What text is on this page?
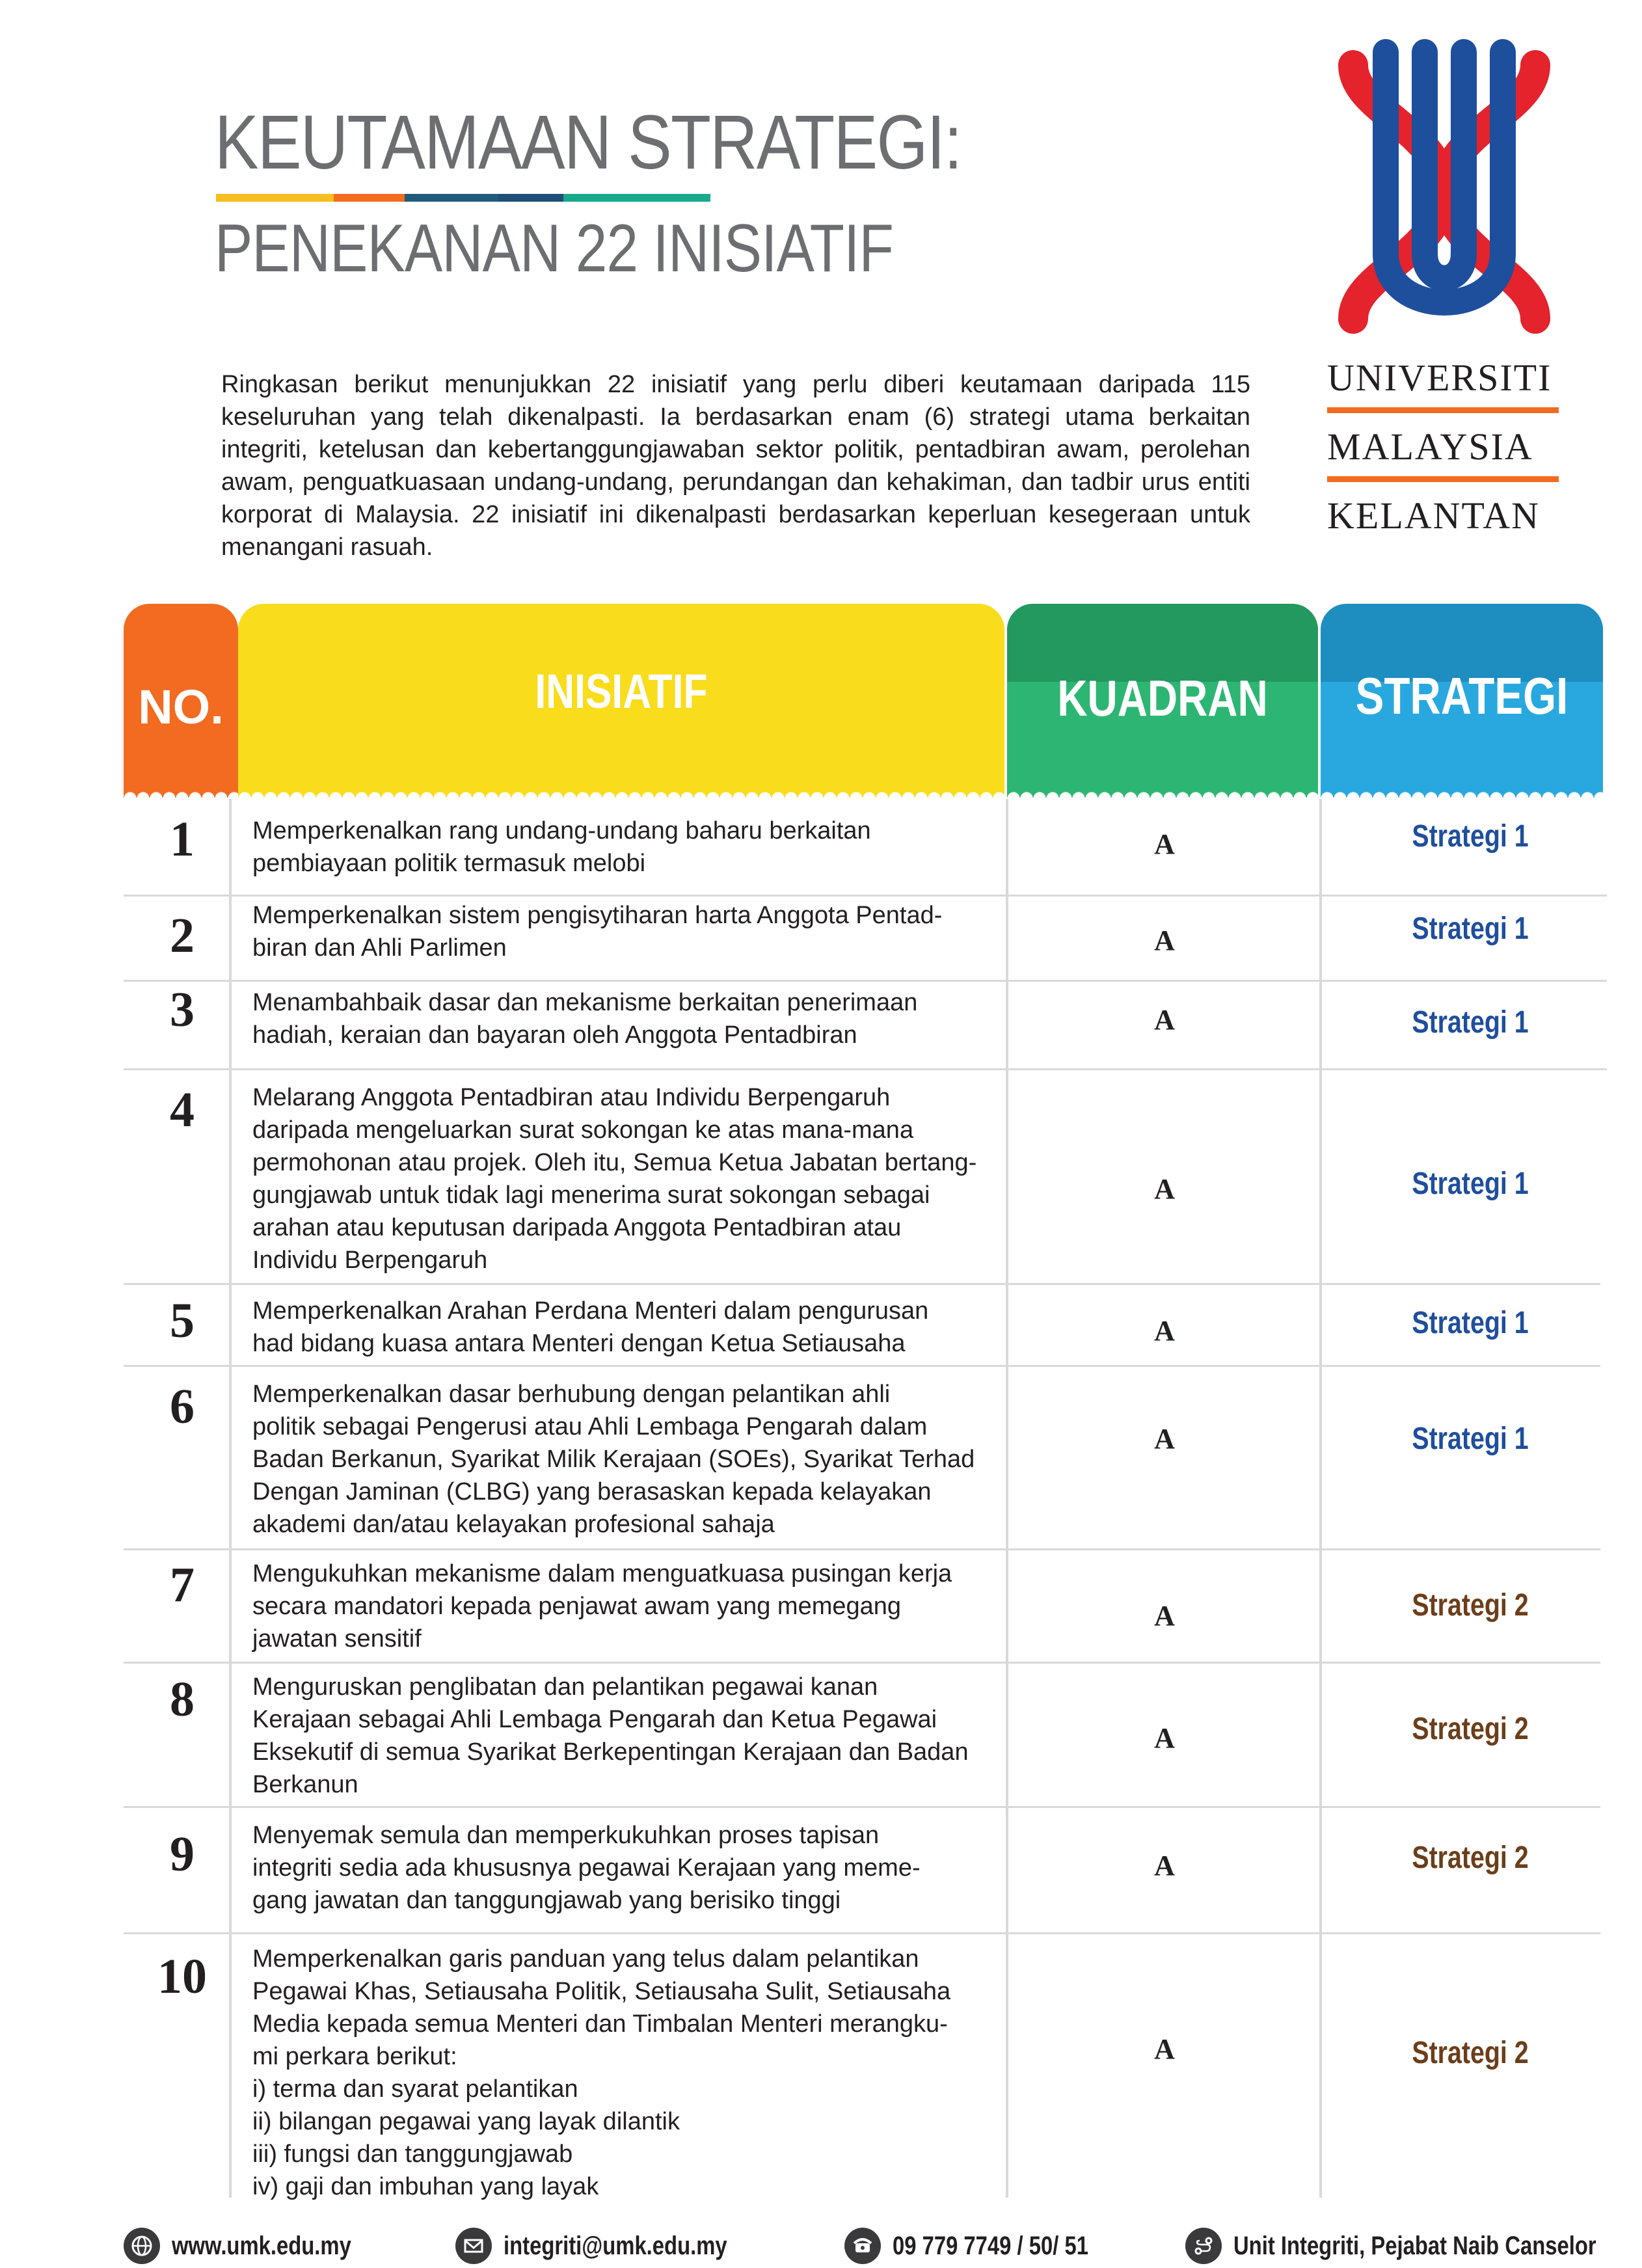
KEUTAMAAN STRATEGI:
PENEKANAN 22 INISIATIF
Ringkasan berikut menunjukkan 22 inisiatif yang perlu diberi keutamaan daripada 115 keseluruhan yang telah dikenalpasti. Ia berdasarkan enam (6) strategi utama berkaitan integriti, ketelusan dan kebertanggungjawaban sektor politik, pentadbiran awam, perolehan awam, penguatkuasaan undang-undang, perundangan dan kehakiman, dan tadbir urus entiti korporat di Malaysia. 22 inisiatif ini dikenalpasti berdasarkan keperluan kesegeraan untuk menangani rasuah.
UNIVERSITI
MALAYSIA
KELANTAN
NO.	INISIATIF	KUADRAN	STRATEGI
1	Memperkenalkan rang undang-undang baharu berkaitan
pembiayaan politik termasuk melobi
A	Strategi 1
2	Memperkenalkan sistem pengisytiharan harta Anggota Pentad-
biran dan Ahli Parlimen	A	Strategi 1
3	Menambahbaik dasar dan mekanisme berkaitan penerimaan
hadiah, keraian dan bayaran oleh Anggota Pentadbiran	A	Strategi 1
4	Melarang Anggota Pentadbiran atau Individu Berpengaruh
daripada mengeluarkan surat sokongan ke atas mana-mana
permohonan atau projek. Oleh itu, Semua Ketua Jabatan bertang-
gungjawab untuk tidak lagi menerima surat sokongan sebagai
arahan atau keputusan daripada Anggota Pentadbiran atau
Individu Berpengaruh
A	Strategi 1
5	Memperkenalkan Arahan Perdana Menteri dalam pengurusan
had bidang kuasa antara Menteri dengan Ketua Setiausaha	A	Strategi 1
6	Memperkenalkan dasar berhubung dengan pelantikan ahli
politik sebagai Pengerusi atau Ahli Lembaga Pengarah dalam
Badan Berkanun, Syarikat Milik Kerajaan (SOEs), Syarikat Terhad
Dengan Jaminan (CLBG) yang berasaskan kepada kelayakan
akademi dan/atau kelayakan profesional sahaja
A	Strategi 1
7	Mengukuhkan mekanisme dalam menguatkuasa pusingan kerja
secara mandatori kepada penjawat awam yang memegang
jawatan sensitif
A	Strategi 2
8	Menguruskan penglibatan dan pelantikan pegawai kanan
Kerajaan sebagai Ahli Lembaga Pengarah dan Ketua Pegawai
Eksekutif di semua Syarikat Berkepentingan Kerajaan dan Badan
Berkanun
A	Strategi 2
9	Menyemak semula dan memperkukuhkan proses tapisan
integriti sedia ada khususnya pegawai Kerajaan yang meme-
gang jawatan dan tanggungjawab yang berisiko tinggi
A	Strategi 2
10	Memperkenalkan garis panduan yang telus dalam pelantikan
Pegawai Khas, Setiausaha Politik, Setiausaha Sulit, Setiausaha
Media kepada semua Menteri dan Timbalan Menteri merangku-
mi perkara berikut:
i) terma dan syarat pelantikan
ii) bilangan pegawai yang layak dilantik
iii) fungsi dan tanggungjawab
iv) gaji dan imbuhan yang layak
A	Strategi 2
www.umk.edu.my	integriti@umk.edu.my	09 779 7749 / 50/ 51	Unit Integriti, Pejabat Naib Canselor
